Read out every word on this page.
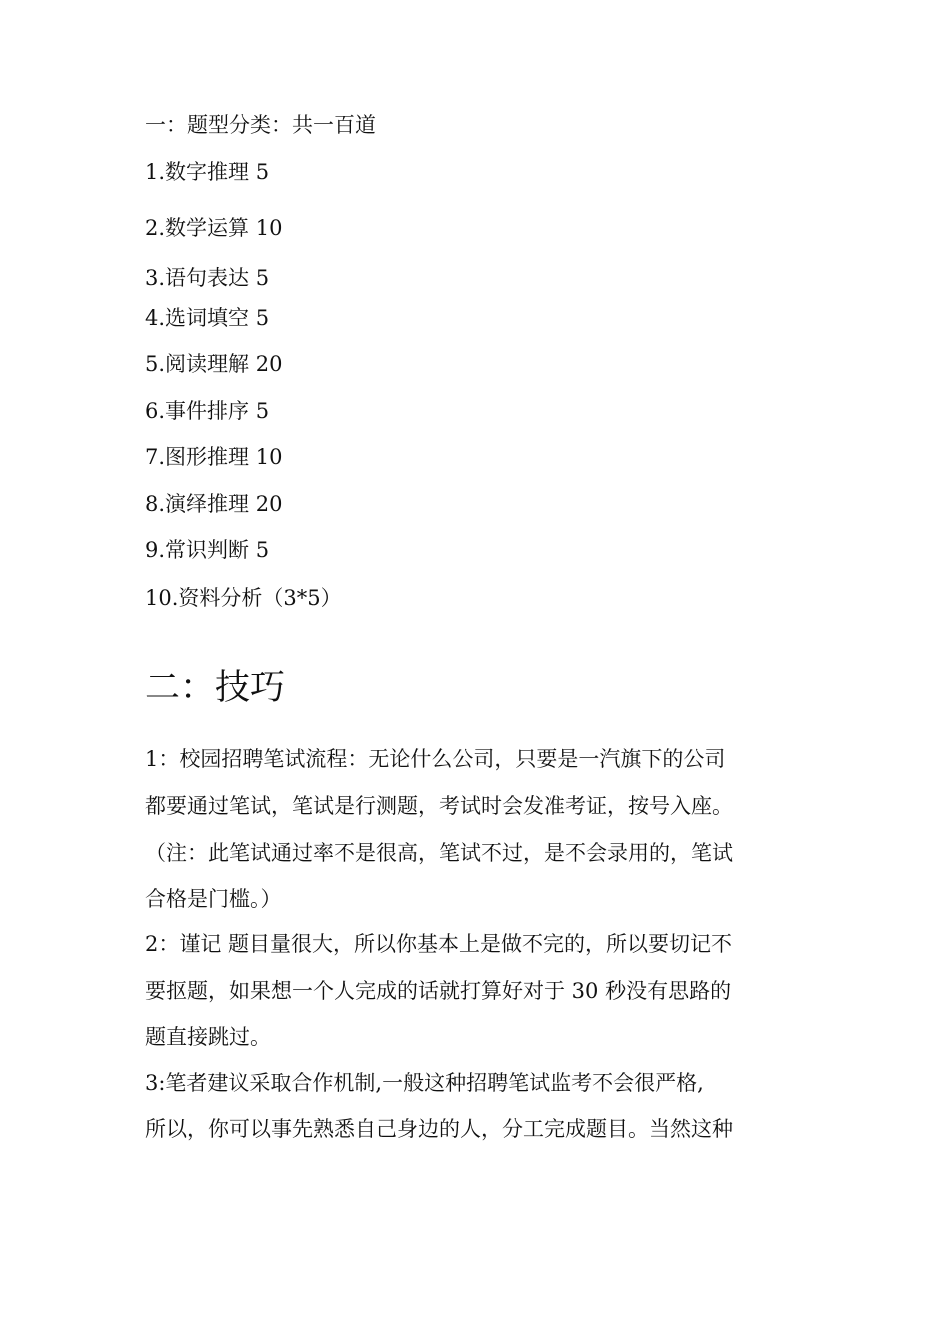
一：题型分类：共一百道
1.数字推理 5
2.数学运算 10
3.语句表达 5
4.选词填空 5
5.阅读理解 20
6.事件排序 5
7.图形推理 10
8.演绎推理 20
9.常识判断 5
10.资料分析（3*5）
二：技巧
1：校园招聘笔试流程：无论什么公司，只要是一汽旗下的公司
都要通过笔试，笔试是行测题，考试时会发准考证，按号入座。
（注：此笔试通过率不是很高，笔试不过，是不会录用的，笔试
合格是门槛。）
2：谨记 题目量很大，所以你基本上是做不完的，所以要切记不
要抠题，如果想一个人完成的话就打算好对于 30 秒没有思路的
题直接跳过。
3:笔者建议采取合作机制,一般这种招聘笔试监考不会很严格,
所以，你可以事先熟悉自己身边的人，分工完成题目。当然这种
